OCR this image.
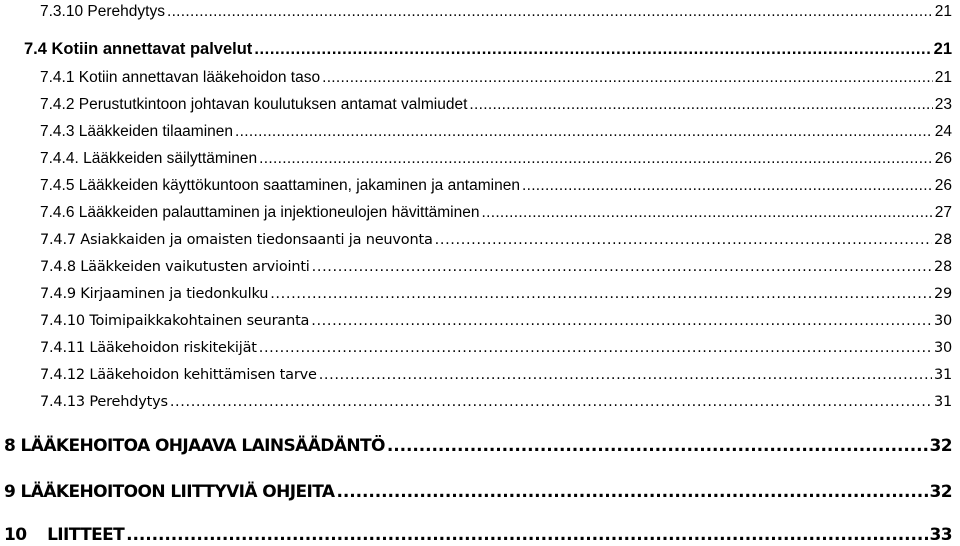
7.3.10 Perehdytys . . .	21
7.4 Kotiin annettavat palvelut . . .	21
7.4.1 Kotiin annettavan lääkehoidon taso . . .	21
7.4.2 Perustutkintoon johtavan koulutuksen antamat valmiudet . . .	23
7.4.3 Lääkkeiden tilaaminen . . .	24
7.4.4. Lääkkeiden säilyttäminen . . .	26
7.4.5 Lääkkeiden käyttökuntoon saattaminen, jakaminen ja antaminen . . .	26
7.4.6 Lääkkeiden palauttaminen ja injektioneulojen hävittäminen . . .	27
7.4.7 Asiakkaiden ja omaisten tiedonsaanti ja neuvonta . . .	28
7.4.8 Lääkkeiden vaikutusten arviointi . . .	28
7.4.9 Kirjaaminen ja tiedonkulku . . .	29
7.4.10 Toimipaikkakohtainen seuranta . . .	30
7.4.11 Lääkehoidon riskitekijät . . .	30
7.4.12 Lääkehoidon kehittämisen tarve . . .	31
7.4.13 Perehdytys . . .	31
8 LÄÄKEHOITOA OHJAAVA LAINSÄÄDÄNTÖ . . .	32
9 LÄÄKEHOITOON LIITTYVIÄ OHJEITA . . .	32
10 LIITTEET . . .	33
